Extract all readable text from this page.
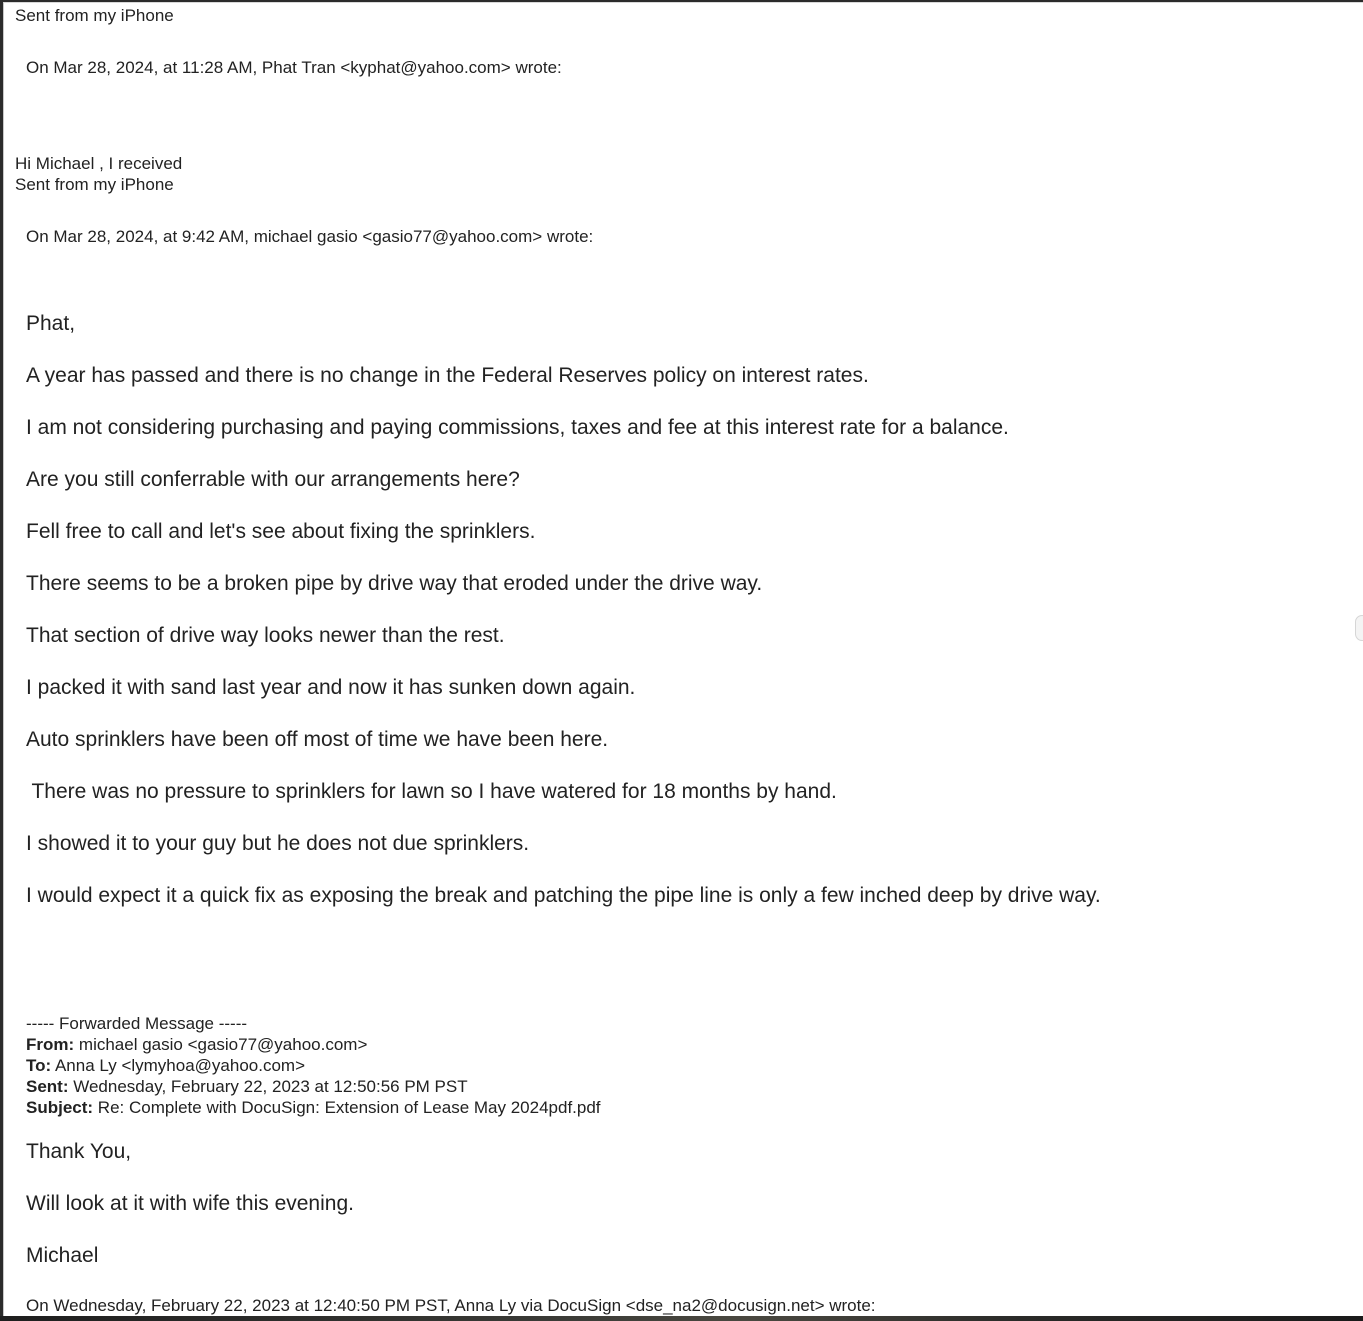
Sent from my iPhone
On Mar 28, 2024, at 11:28 AM, Phat Tran <kyphat@yahoo.com> wrote:
Hi Michael , I received
Sent from my iPhone
On Mar 28, 2024, at 9:42 AM, michael gasio <gasio77@yahoo.com> wrote:
Phat,
A year has passed and there is no change in the Federal Reserves policy on interest rates.
I am not considering purchasing and paying commissions, taxes and fee at this interest rate for a balance.
Are you still conferrable with our arrangements here?
Fell free to call and let's see about fixing the sprinklers.
There seems to be a broken pipe by drive way that eroded under the drive way.
That section of drive way looks newer than the rest.
I packed it with sand last year and now it has sunken down again.
Auto sprinklers have been off most of time we have been here.
There was no pressure to sprinklers for lawn so I have watered for 18 months by hand.
I showed it to your guy but he does not due sprinklers.
I would expect it a quick fix as exposing the break and patching the pipe line is only a few inched deep by drive way.
----- Forwarded Message -----
From: michael gasio <gasio77@yahoo.com>
To: Anna Ly <lymyhoa@yahoo.com>
Sent: Wednesday, February 22, 2023 at 12:50:56 PM PST
Subject: Re: Complete with DocuSign: Extension of Lease May 2024pdf.pdf
Thank You,
Will look at it with wife this evening.
Michael
On Wednesday, February 22, 2023 at 12:40:50 PM PST, Anna Ly via DocuSign <dse_na2@docusign.net> wrote:
